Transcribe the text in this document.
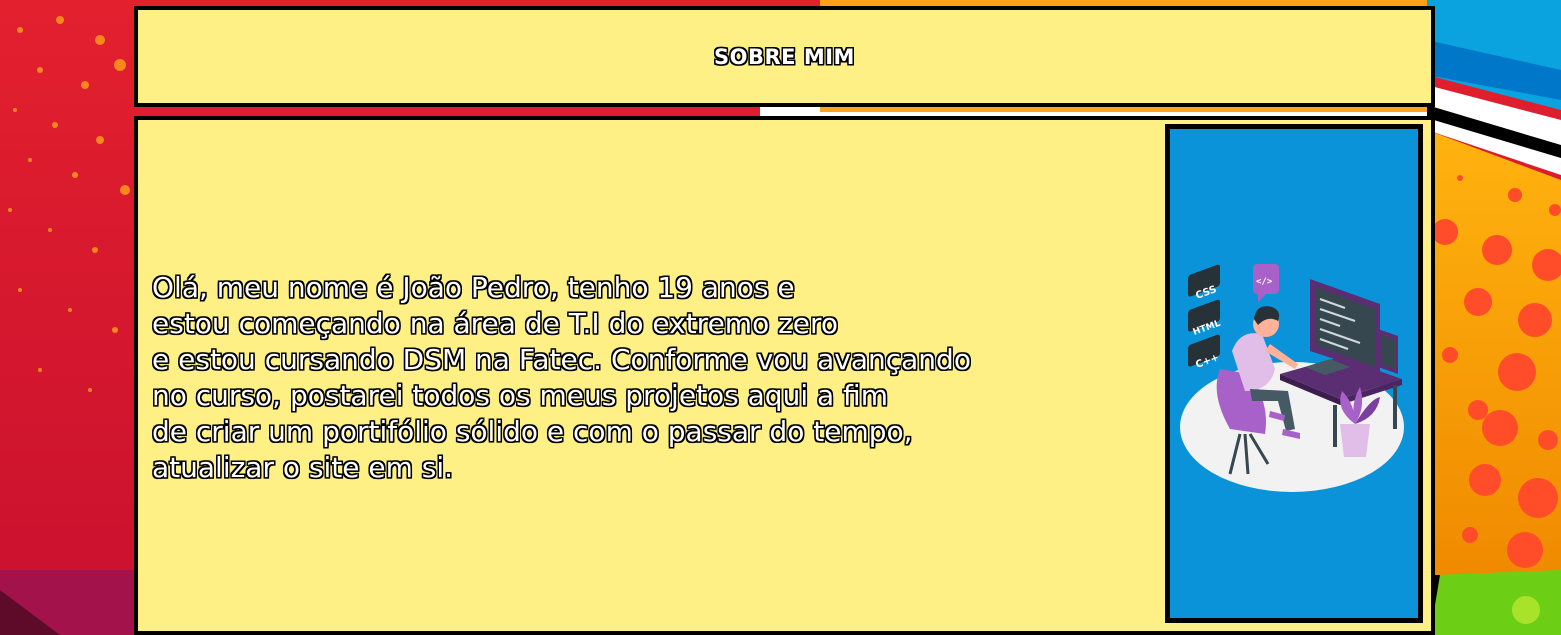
SOBRE MIM

Olá, meu nome é João Pedro, tenho 19 anos e
estou começando na área de T.I do extremo zero
e estou cursando DSM na Fatec. Conforme vou avançando
no curso, postarei todos os meus projetos aqui a fim
de criar um portifólio sólido e com o passar do tempo,
atualizar o site em si.

CSS
HTML
C++
</>
